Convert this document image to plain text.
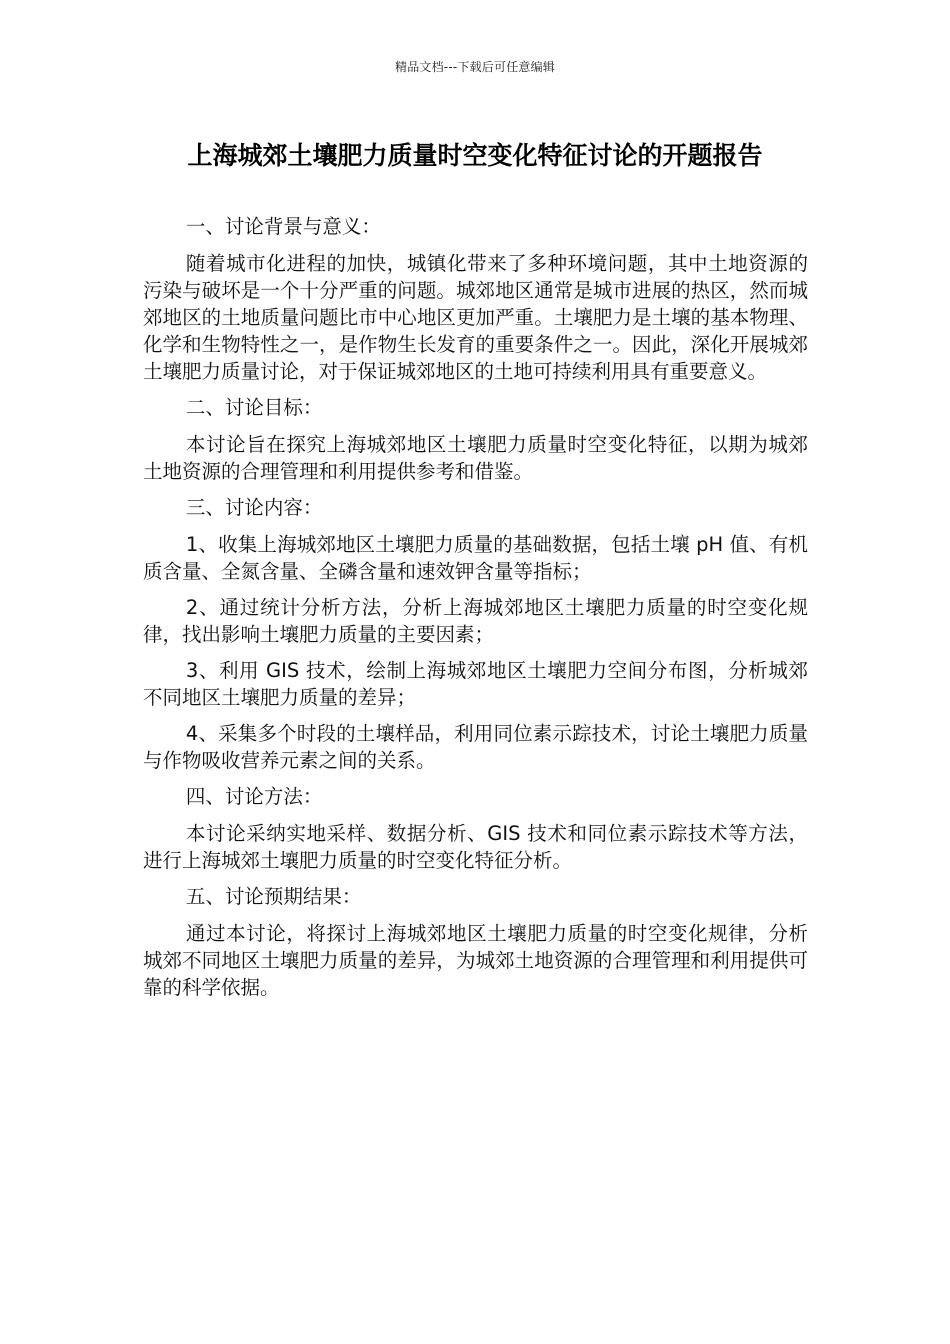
精品文档---下载后可任意编辑
上海城郊土壤肥力质量时空变化特征讨论的开题报告

一、讨论背景与意义：

随着城市化进程的加快，城镇化带来了多种环境问题，其中土地资源的污染与破坏是一个十分严重的问题。城郊地区通常是城市进展的热区，然而城郊地区的土地质量问题比市中心地区更加严重。土壤肥力是土壤的基本物理、化学和生物特性之一，是作物生长发育的重要条件之一。因此，深化开展城郊土壤肥力质量讨论，对于保证城郊地区的土地可持续利用具有重要意义。

二、讨论目标：

本讨论旨在探究上海城郊地区土壤肥力质量时空变化特征，以期为城郊土地资源的合理管理和利用提供参考和借鉴。

三、讨论内容：

1、收集上海城郊地区土壤肥力质量的基础数据，包括土壤 pH 值、有机质含量、全氮含量、全磷含量和速效钾含量等指标；

2、通过统计分析方法，分析上海城郊地区土壤肥力质量的时空变化规律，找出影响土壤肥力质量的主要因素；

3、利用 GIS 技术，绘制上海城郊地区土壤肥力空间分布图，分析城郊不同地区土壤肥力质量的差异；

4、采集多个时段的土壤样品，利用同位素示踪技术，讨论土壤肥力质量与作物吸收营养元素之间的关系。

四、讨论方法：

本讨论采纳实地采样、数据分析、GIS 技术和同位素示踪技术等方法，进行上海城郊土壤肥力质量的时空变化特征分析。

五、讨论预期结果：

通过本讨论，将探讨上海城郊地区土壤肥力质量的时空变化规律，分析城郊不同地区土壤肥力质量的差异，为城郊土地资源的合理管理和利用提供可靠的科学依据。
